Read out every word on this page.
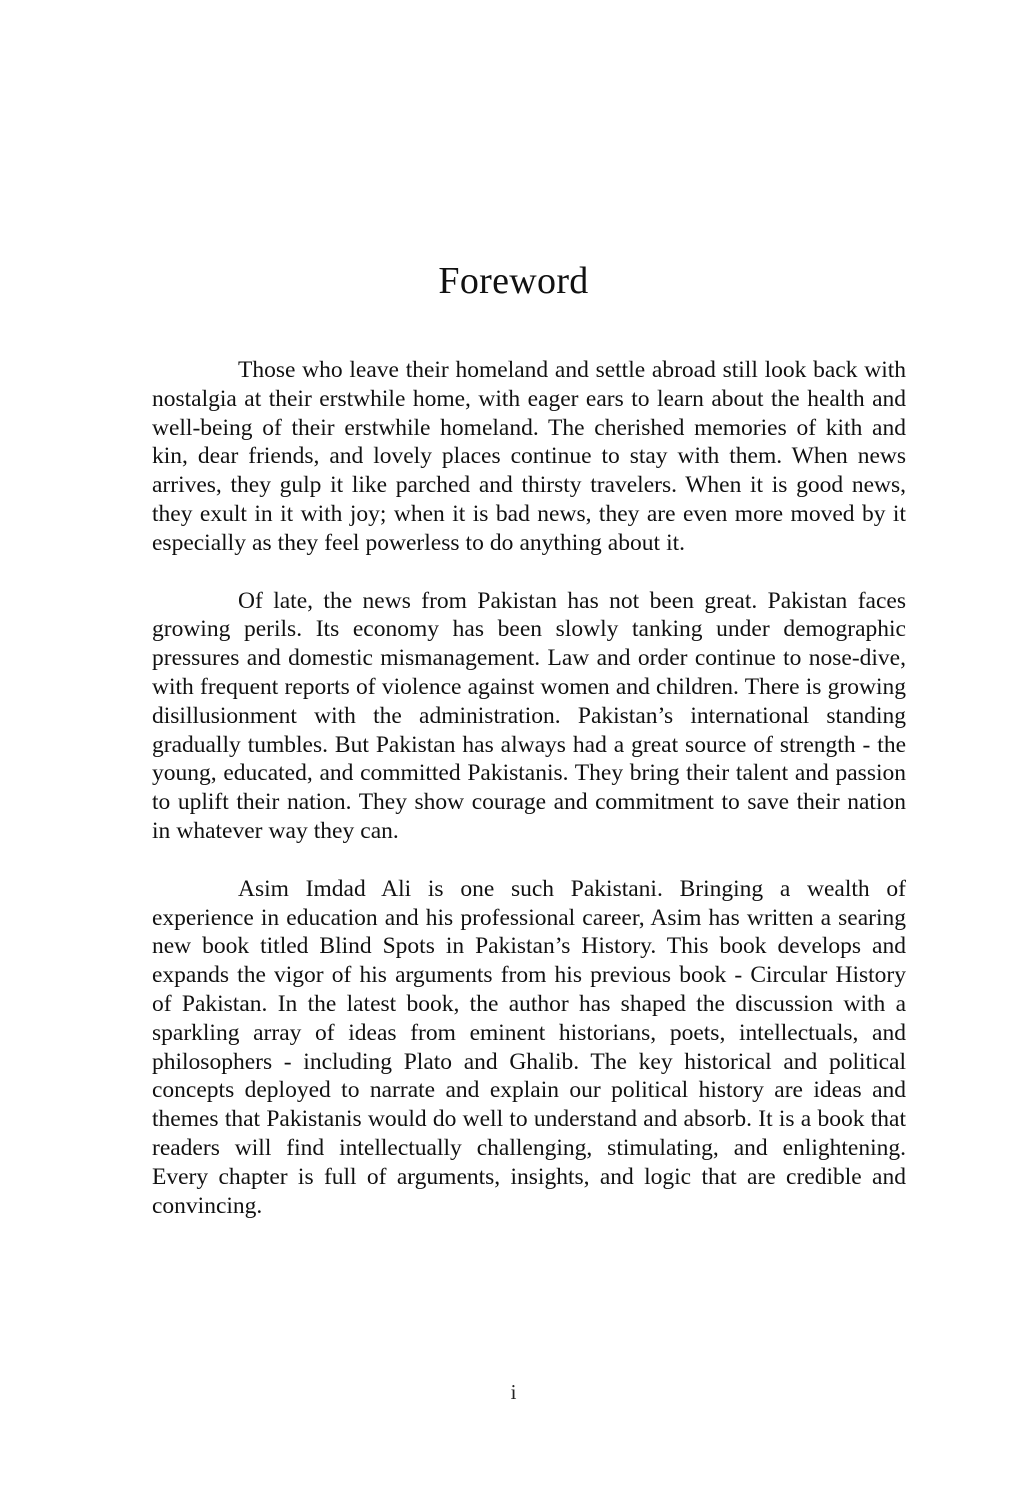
Foreword

Those who leave their homeland and settle abroad still look back with nostalgia at their erstwhile home, with eager ears to learn about the health and well-being of their erstwhile homeland. The cherished memories of kith and kin, dear friends, and lovely places continue to stay with them. When news arrives, they gulp it like parched and thirsty travelers. When it is good news, they exult in it with joy; when it is bad news, they are even more moved by it especially as they feel powerless to do anything about it.

Of late, the news from Pakistan has not been great. Pakistan faces growing perils. Its economy has been slowly tanking under demographic pressures and domestic mismanagement. Law and order continue to nose-dive, with frequent reports of violence against women and children. There is growing disillusionment with the administration. Pakistan’s international standing gradually tumbles. But Pakistan has always had a great source of strength - the young, educated, and committed Pakistanis. They bring their talent and passion to uplift their nation. They show courage and commitment to save their nation in whatever way they can.

Asim Imdad Ali is one such Pakistani. Bringing a wealth of experience in education and his professional career, Asim has written a searing new book titled Blind Spots in Pakistan’s History. This book develops and expands the vigor of his arguments from his previous book - Circular History of Pakistan. In the latest book, the author has shaped the discussion with a sparkling array of ideas from eminent historians, poets, intellectuals, and philosophers - including Plato and Ghalib. The key historical and political concepts deployed to narrate and explain our political history are ideas and themes that Pakistanis would do well to understand and absorb. It is a book that readers will find intellectually challenging, stimulating, and enlightening. Every chapter is full of arguments, insights, and logic that are credible and convincing.

i
